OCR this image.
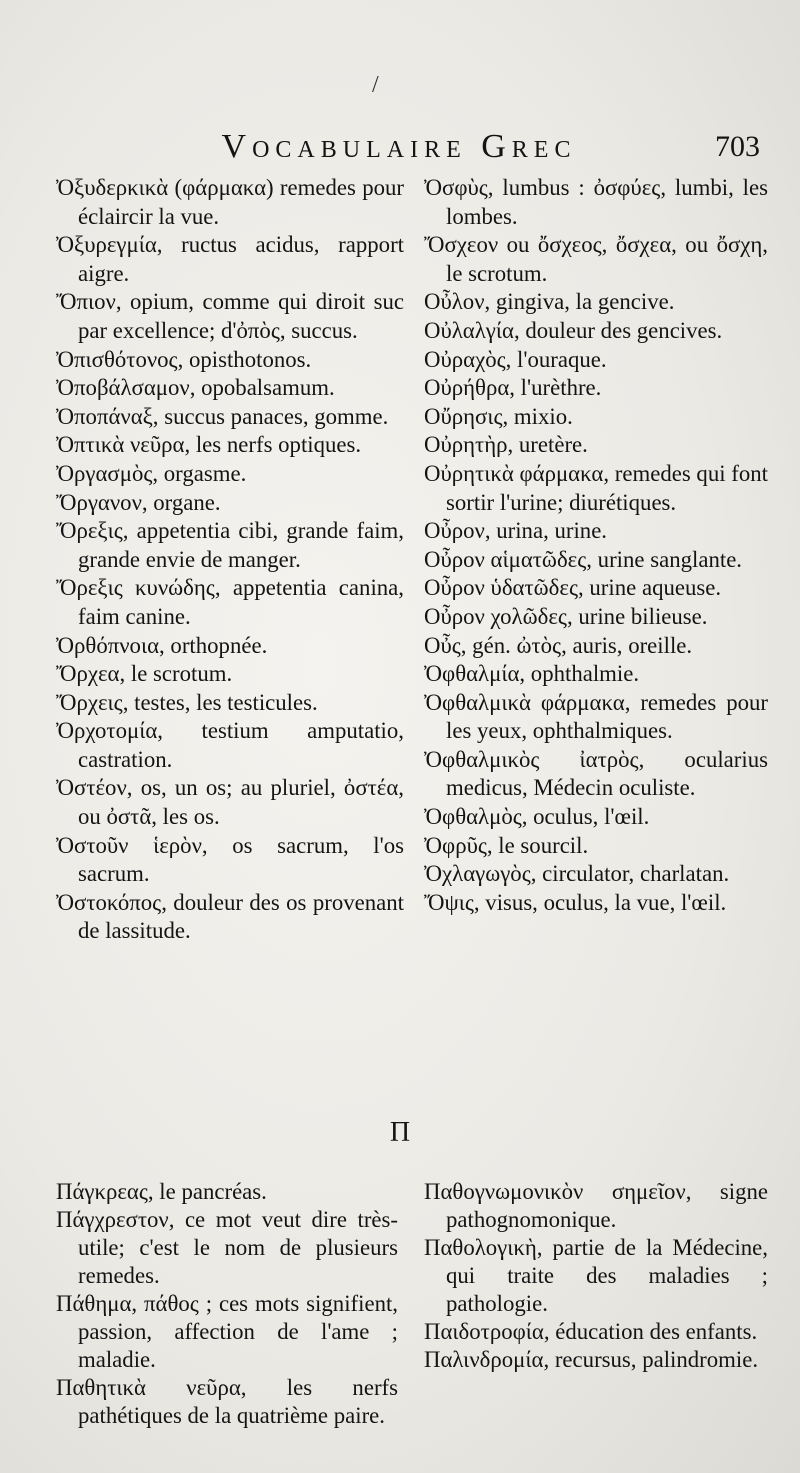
/
Vocabulaire Grec	703
Ὀξυδερκικὰ (φάρμακα) remedes pour éclaircir la vue.
Ὀξυρεγμία, ructus acidus, rapport aigre.
Ὄπιον, opium, comme qui diroit suc par excellence; d'ὀπὸς, succus.
Ὀπισθότονος, opisthotonos.
Ὀποβάλσαμον, opobalsamum.
Ὀποπάναξ, succus panaces, gomme.
Ὀπτικὰ νεῦρα, les nerfs optiques.
Ὀργασμὸς, orgasme.
Ὄργανον, organe.
Ὄρεξις, appetentia cibi, grande faim, grande envie de manger.
Ὄρεξις κυνώδης, appetentia canina, faim canine.
Ὀρθόπνοια, orthopnée.
Ὄρχεα, le scrotum.
Ὄρχεις, testes, les testicules.
Ὀρχοτομία, testium amputatio, castration.
Ὀστέον, os, un os; au pluriel, ὀστέα, ou ὀστᾶ, les os.
Ὀστοῦν ἱερὸν, os sacrum, l'os sacrum.
Ὀστοκόπος, douleur des os provenant de lassitude.
Ὀσφὺς, lumbus : ὀσφύες, lumbi, les lombes.
Ὄσχεον ou ὄσχεος, ὄσχεα, ou ὄσχη, le scrotum.
Οὖλον, gingiva, la gencive.
Οὐλαλγία, douleur des gencives.
Οὐραχὸς, l'ouraque.
Οὐρήθρα, l'urèthre.
Οὔρησις, mixio.
Οὐρητὴρ, uretère.
Οὐρητικὰ φάρμακα, remedes qui font sortir l'urine; diurétiques.
Οὖρον, urina, urine.
Οὖρον αἱματῶδες, urine sanglante.
Οὖρον ὑδατῶδες, urine aqueuse.
Οὖρον χολῶδες, urine bilieuse.
Οὖς, gén. ὠτὸς, auris, oreille.
Ὀφθαλμία, ophthalmie.
Ὀφθαλμικὰ φάρμακα, remedes pour les yeux, ophthalmiques.
Ὀφθαλμικὸς ἰατρὸς, ocularius medicus, Médecin oculiste.
Ὀφθαλμὸς, oculus, l'œil.
Ὀφρῦς, le sourcil.
Ὀχλαγωγὸς, circulator, charlatan.
Ὄψις, visus, oculus, la vue, l'œil.
Π
Πάγκρεας, le pancréas.
Πάγχρεστον, ce mot veut dire très-utile; c'est le nom de plusieurs remedes.
Πάθημα, πάθος ; ces mots signifient, passion, affection de l'ame ; maladie.
Παθητικὰ νεῦρα, les nerfs pathétiques de la quatrième paire.
Παθογνωμονικὸν σημεῖον, signe pathognomonique.
Παθολογικὴ, partie de la Médecine, qui traite des maladies ; pathologie.
Παιδοτροφία, éducation des enfants.
Παλινδρομία, recursus, palindromie.
